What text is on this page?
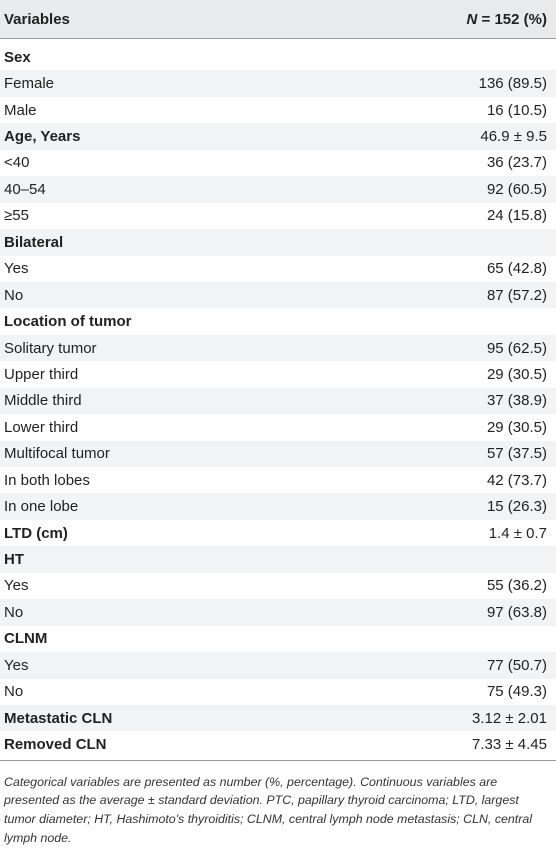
Variables	N = 152 (%)
Sex
Female	136 (89.5)
Male	16 (10.5)
Age, Years	46.9 ± 9.5
<40	36 (23.7)
40–54	92 (60.5)
≥55	24 (15.8)
Bilateral
Yes	65 (42.8)
No	87 (57.2)
Location of tumor
Solitary tumor	95 (62.5)
Upper third	29 (30.5)
Middle third	37 (38.9)
Lower third	29 (30.5)
Multifocal tumor	57 (37.5)
In both lobes	42 (73.7)
In one lobe	15 (26.3)
LTD (cm)	1.4 ± 0.7
HT
Yes	55 (36.2)
No	97 (63.8)
CLNM
Yes	77 (50.7)
No	75 (49.3)
Metastatic CLN	3.12 ± 2.01
Removed CLN	7.33 ± 4.45
Categorical variables are presented as number (%, percentage). Continuous variables are presented as the average ± standard deviation. PTC, papillary thyroid carcinoma; LTD, largest tumor diameter; HT, Hashimoto's thyroiditis; CLNM, central lymph node metastasis; CLN, central lymph node.
